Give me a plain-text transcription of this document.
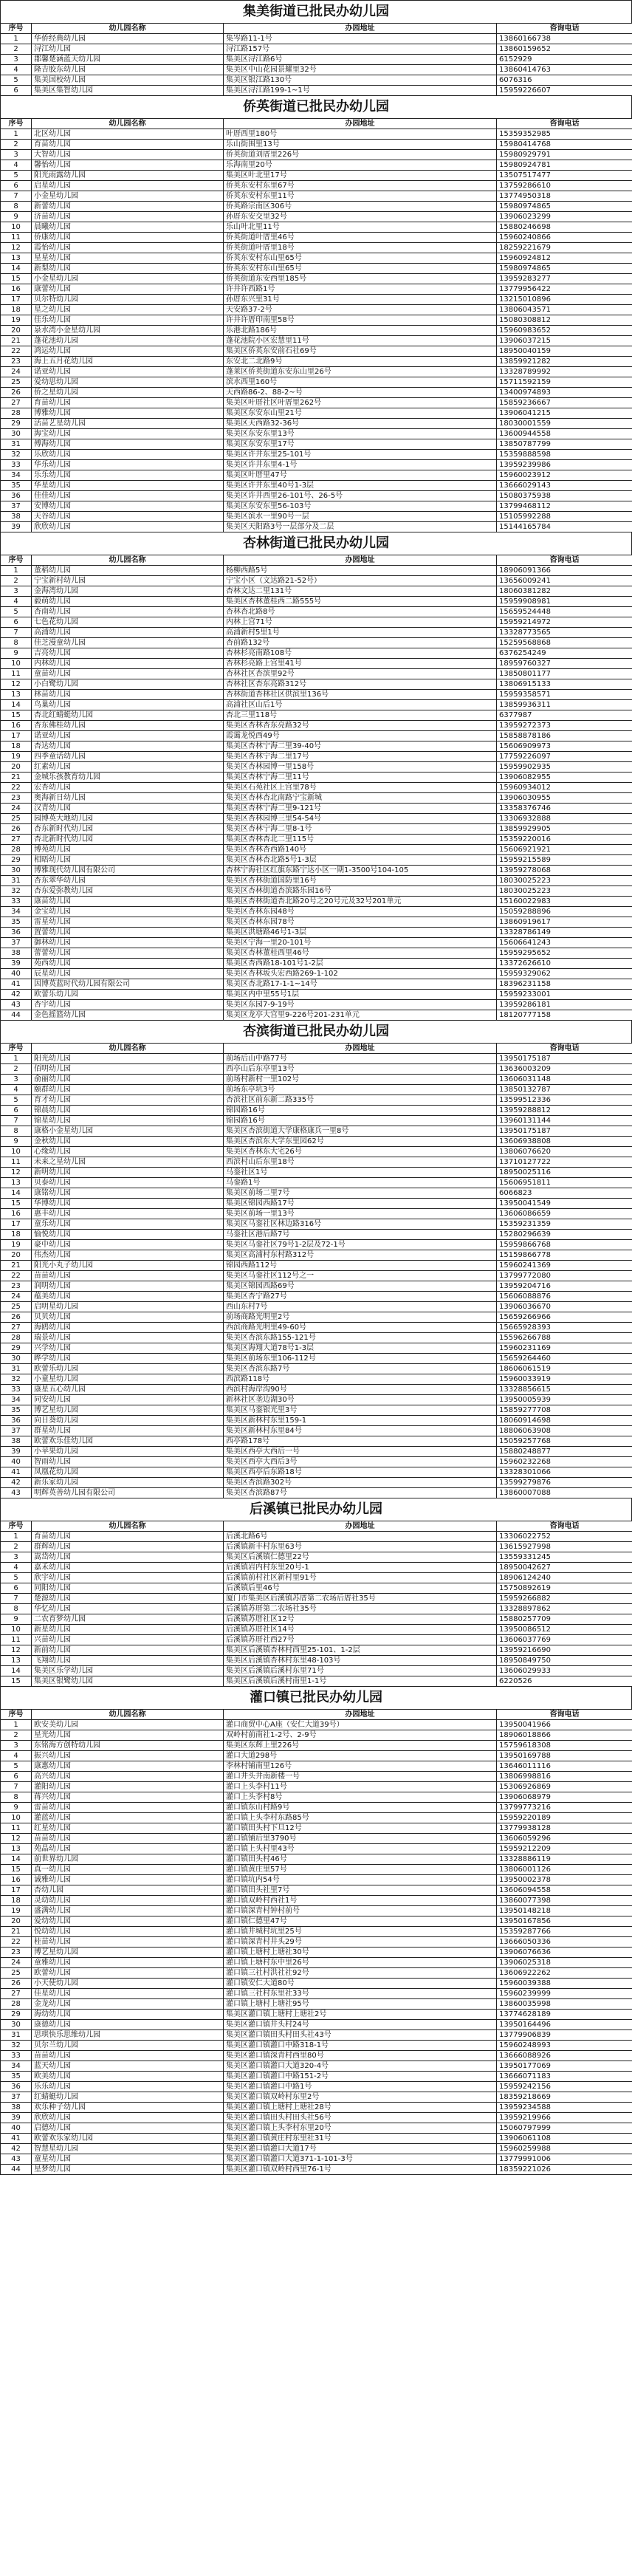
集美街道已批民办幼儿园
序号	幼儿园名称	办园地址	咨询电话
1	华侨经典幼儿园	集岑路11-1号	13860166738
2	浔江幼儿园	浔江路157号	13860159652
3	郡馨楚涵蓝天幼儿园	集美区浔江路6号	6152929
4	隆吉胶东幼儿园	集美区中山花园景耀里32号	13860414763
5	集美国校幼儿园	集美区银江路130号	6076316
6	集美区集智幼儿园	集美区浔江路199-1~1号	15959226607
侨英街道已批民办幼儿园
序号	幼儿园名称	办园地址	咨询电话
1	北区幼儿园	叶厝西里180号	15359352985
2	育苗幼儿园	乐山街围里13号	15980414768
3	大智幼儿园	侨英街道刘厝里226号	15980929791
4	馨怡幼儿园	乐海南里20号	15980924781
5	阳光雨露幼儿园	集美区叶北里17号	13507517477
6	启星幼儿园	侨英东安村东里67号	13759286610
7	小金星幼儿园	侨英东安村东里11号	13774950318
8	新蕾幼儿园	侨英路宗南区306号	15980974865
9	济苗幼儿园	孙厝东安交里32号	13906023299
10	晨曦幼儿园	乐山叶北里11号	15880246698
11	侨康幼儿园	侨英街道叶厝里46号	15960240866
12	霞怡幼儿园	侨英街道叶厝里18号	18259221679
13	星星幼儿园	侨英东安村东山里65号	15960924812
14	新梨幼儿园	侨英东安村东山里65号	15980974865
15	小金星幼儿园	侨英街道东安西里185号	13959283277
16	康蕾幼儿园	许井许西路1号	13779956422
17	贝尔特幼儿园	孙厝东兴里31号	13215010896
18	星之幼儿园	天安路37-2号	13806043571
19	佳乐幼儿园	许井许厝印南里58号	15080308812
20	泉水湾小金星幼儿园	乐港北路186号	15960983652
21	蓬花池幼儿园	蓬花池院小区宏慧里11号	13906037215
22	鸿运幼儿园	集美区侨英东安前石社69号	18950040159
23	海上五月花幼儿园	东安北二北路9号	13859921282
24	诺亚幼儿园	蓬莱区侨英街道东安东山里26号	13328789992
25	爱幼思幼儿园	滨水西里160号	15711592159
26	侨之星幼儿园	天西路86-2、88-2~号	13400974893
27	育苗幼儿园	集美区叶厝社区叶厝里262号	15859236667
28	博雅幼儿园	集美区东安东山里21号	13906041215
29	活苗艺星幼儿园	集美区天西路32-36号	18030001559
30	海宝幼儿园	集美区东安东里13号	13600944558
31	傅海幼儿园	集美区东安东里17号	13850787799
32	乐欣幼儿园	集美区许井东里25-101号	15359888598
33	华乐幼儿园	集美区许井东里4-1号	13959239986
34	乐乐幼儿园	集美区叶厝里47号	15960023912
35	华星幼儿园	集美区许井东里40号1-3层	13666029143
36	佳佳幼儿园	集美区许井西里26-101号、26-5号	15080375938
37	安博幼儿园	集美区东安东里56-103号	13799468112
38	天谷幼儿园	集美区滨水一里90号一层	15105992288
39	欣欣幼儿园	集美区天阳路3号一层部分及二层	15144165784
杏林街道已批民办幼儿园
序号	幼儿园名称	办园地址	咨询电话
1	董稻幼儿园	杨柳西路5号	18906091366
2	宁宝新村幼儿园	宁宝小区（文达路21-52号）	13656009241
3	金海湾幼儿园	杏林文达二里131号	18060381282
4	毅萌幼儿园	集美区杏林董桂西二路555号	15959908981
5	杏南幼儿园	杏林杏北路8号	15659524448
6	七色花幼儿园	内林上宫71号	15959214972
7	高浦幼儿园	高浦新村5里1号	13328773565
8	佳芝漫童幼儿园	杏前路132号	15259568868
9	吉亮幼儿园	杏林杉亮南路108号	6376254249
10	内林幼儿园	杏林杉亮路上宫里41号	18959760327
11	童苗幼儿园	杏林社区杏滨里92号	13850801177
12	小白鹭幼儿园	杏林社区杏东亮路312号	13806915133
13	林苗幼儿园	杏林街道杏林社区供滨里136号	15959358571
14	鸟巢幼儿园	高浦社区山后1号	13859936311
15	杏北红蜻蜓幼儿园	杏北三里118号	6377987
16	杏东佛桂幼儿园	集美区杏林杏东亮路32号	13959272373
17	诺亚幼儿园	霞霭龙悦西49号	15858878186
18	杏达幼儿园	集美区杏林宁海二里39-40号	15606909973
19	四季童话幼儿园	集美区杏林宁海二里17号	17759226097
20	红素幼儿园	集美区杏林园博一里158号	15959902935
21	金城乐孩教育幼儿园	集美区杏林宁海二里11号	13906082955
22	宏杏幼儿园	集美区石苑社区上宫里78号	15960934012
23	奥海新日幼儿园	集美区杏林杏北南路宁宝新城	13906030955
24	汉青幼儿园	集美区杏林宁海二里9-121号	13358376746
25	园博英大地幼儿园	集美区杏林园博三里54-54号	13306932888
26	杏东新时代幼儿园	集美区杏林宁海二里8-1号	13859929905
27	杏北新时代幼儿园	集美区杏林杏北二里115号	15359220016
28	博苑幼儿园	集美区杏林杏西路140号	15606921921
29	相晤幼儿园	集美区杏林杏北路5号1-3层	15959215589
30	博雅现代幼儿园有限公司	杏林宁海社区红旗东路宁达小区一期1-3500号104-105	13959278068
31	杏东翠华幼儿园	集美区杏林街道国防里16号	18030025223
32	杏东爱弥教幼儿园	集美区杏林街道杏滨路乐园16号	18030025223
33	康苗幼儿园	集美区杏林街道杏北路20号之20号元及32号201单元	15160022983
34	金宝幼儿园	集美区杏林东园48号	15059288896
35	雷星幼儿园	集美区杏林东园78号	13860919617
36	置蕾幼儿园	集美区洪塘路46号1-3层	13328786149
37	御林幼儿园	集美区宁海一里20-101号	15606641243
38	蕾蕾幼儿园	集美区杏林董桂西里46号	15959295652
39	苑西幼儿园	集美区杏西路18-101号1-2层	13372626610
40	辰星幼儿园	集美区杏林坂头宏西路269-1-102	15959329062
41	因博英蓝时代幼儿园有限公司	集美区杏北路17-1-1~14号	18396231158
42	欧蕾乐幼儿园	集美区内中里55号1层	15959233001
43	杏宇幼儿园	集美区东园7-9-19号	13959286181
44	金色摇篮幼儿园	集美区龙亭大宫里9-226号201-231单元	18120777158
杏滨街道已批民办幼儿园
序号	幼儿园名称	办园地址	咨询电话
1	阳光幼儿园	前场后山中路77号	13950175187
2	佰明幼儿园	西亭山后东亭里13号	13636003209
3	俞丽幼儿园	前场村新村一里102号	13606031148
4	颐群幼儿园	前场东亭坑3号	13850132787
5	育才幼儿园	杏滨社区前东新二路335号	13599512336
6	锦晨幼儿园	锦园路16号	13959288812
7	锦星幼儿园	锦园路16号	13960131144
8	康格小金星幼儿园	集美区杏滨街道大学康格康兵一里8号	13950175187
9	金秋幼儿园	集美区杏滨东大学东里园62号	13606938808
10	心缘幼儿园	集美区杏林东大宅26号	13806076620
11	未来之星幼儿园	西滨村山后东里18号	13710127722
12	新明幼儿园	马銮社区1号	18950025116
13	贝泰幼儿园	马銮路1号	15606951811
14	康铭幼儿园	集美区前场二里7号	6066823
15	华博幼儿园	集美区锦园西路17号	13950041549
16	惠丰幼儿园	集美区前场一里13号	13606086659
17	童乐幼儿园	集美区马銮社区林边路316号	15359231359
18	愉悦幼儿园	马銮社区港后路7号	15280296639
19	豪中幼儿园	集美区马銮社区79号1-2层及72-1号	15959866768
20	伟杰幼儿园	集美区高浦村东村路312号	15159866778
21	阳光小丸子幼儿园	锦园西路112号	15960241369
22	苗苗幼儿园	集美区马銮社区112号之一	13799772080
23	润明幼儿园	集美区锦园西路69号	13959204716
24	蕴美幼儿园	集美区杏宁路27号	15606088876
25	启明星幼儿园	西山东村7号	13906036670
26	贝贝幼儿园	前场商路光明里2号	15659266966
27	海鸥幼儿园	西滨商路光明里49-60号	15665928393
28	瑞景幼儿园	集美区杏滨东路155-121号	15596266788
29	兴学幼儿园	集美区海翔大道78号1-3层	15960231169
30	晔学幼儿园	集美区前场东里106-112号	15659264460
31	欧蕾乐幼儿园	集美区杏滨东路7号	18606061519
32	小童星幼儿园	西滨路118号	15960033919
33	康星五心幼儿园	西滨村海岸沟90号	13328856615
34	同安幼儿园	新林社区垄边湖30号	13950005939
35	博艺星幼儿园	集美区马銮银光里3号	15859277708
36	向日葵幼儿园	集美区新林村东里159-1	18060914698
37	群星幼儿园	集美区新林村东里84号	18806063908
38	欧蕾欢乐佳幼儿园	西亭路178号	15059257768
39	小苹果幼儿园	集美区西亭大西后一号	15880248877
40	智雨幼儿园	集美区西亭大西后3号	15960232268
41	凤凰花幼儿园	集美区西亭后东路18号	13328301066
42	新乐家幼儿园	集美区杏滨路302号	13599279876
43	明辉英善幼儿园有限公司	集美区杏滨路87号	13860007088
后溪镇已批民办幼儿园
序号	幼儿园名称	办园地址	咨询电话
1	育苗幼儿园	后溪北路6号	13306022752
2	群辉幼儿园	后溪镇新丰村东里63号	13615927998
3	嵩岱幼儿园	集美区后溪镇仁德里22号	13559331245
4	嘉禾幼儿园	后溪镇岩内村东里20号-1	18950042627
5	欣宇幼儿园	后溪镇前村社区新村里91号	18906124240
6	同阳幼儿园	后溪镇后里46号	15750892619
7	楚源幼儿园	厦门市集美区后溪镇苏厝第二农场后厝社35号	15959266882
8	华忆幼儿园	后溪镇苏厝第二农场社35号	13328897862
9	二农育梦幼儿园	后溪镇苏厝社区12号	15880257709
10	新星幼儿园	后溪镇苏厝社区14号	13950086512
11	兴苗幼儿园	后溪镇苏厝社西27号	13606037769
12	新前幼儿园	集美区后溪镇杏林村西里25-101、1-2层	13959216690
13	飞翔幼儿园	集美区后溪镇杏林村东里48-103号	18950849750
14	集美区乐学幼儿园	集美区后溪镇后溪村东里71号	13606029933
15	集美区银鹭幼儿园	集美区后溪镇后溪村南里1-1号	6220526
灌口镇已批民办幼儿园
序号	幼儿园名称	办园地址	咨询电话
1	欧安美幼儿园	灌口商贸中心A座（安仁大道39号）	13950041966
2	星光幼儿园	双岭村前南社1-2号、2-9号	18906018866
3	东铭海方创特幼儿园	集美区东辉上里226号	15759618308
4	振兴幼儿园	灌口大道298号	13950169788
5	康惠幼儿园	李林村铺南里126号	13646011116
6	高兴幼儿园	灌口井头井南新楼一号	13806998816
7	灌阳幼儿园	灌口上头李村11号	15306926869
8	蒋兴幼儿园	灌口上头李村8号	13906068979
9	雷苗幼儿园	灌口镇东山村路9号	13799773216
10	灌蓝幼儿园	灌口镇上头李村东路85号	15959220189
11	红星幼儿园	灌口镇田头村下旦12号	13779938128
12	苗苗幼儿园	灌口镇铺后里3790号	13606059296
13	苑晶幼儿园	灌口镇上头村里43号	15959212209
14	前世界幼儿园	灌口镇田头村46号	13328886119
15	真一幼儿园	灌口镇黄庄里57号	13806001126
16	诚雅幼儿园	灌口镇坑内54号	13950002378
17	杏幼儿园	灌口镇田头社里7号	13606094558
18	灵幼幼儿园	灌口镇双岭村西社1号	13860077398
19	盛满幼儿园	灌口镇深青村钟村前号	13950148218
20	爱幼幼儿园	灌口镇仁德里47号	13950167856
21	悦幼幼儿园	灌口镇井城村坑里25号	15359287766
22	桂苗幼儿园	灌口镇深青村井头29号	13666050336
23	博艺星幼儿园	灌口镇上塘村上塘社30号	13906076636
24	童雅幼儿园	灌口镇上塘村东中里26号	13906025318
25	欧蕾幼儿园	灌口镇三社村洪社社92号	13606922262
26	小天使幼儿园	灌口镇安仁大道80号	15960039388
27	佳星幼儿园	灌口镇三社村东里社33号	15960239999
28	金龙幼儿园	灌口镇上塘村上塘社95号	13860035998
29	海幼幼儿园	集美区灌口镇上塘村上塘社2号	13774628189
30	康德幼儿园	集美区灌口镇井头村24号	13950164496
31	思琪快乐思维幼儿园	集美区灌口镇田头村田头社43号	13779906839
32	贝尔兰幼儿园	集美区灌口镇灌口中路318-1号	15960248993
33	苗苗幼儿园	集美区灌口镇深青村西里80号	13666088926
34	蓝天幼儿园	集美区灌口镇灌口大道320-4号	13950177069
35	欧美幼儿园	集美区灌口镇灌口中路151-2号	13666071183
36	乐乐幼儿园	集美区灌口镇灌口中路1号	15959242156
37	红蜻蜓幼儿园	集美区灌口镇双岭村东里2号	18359218669
38	欢乐种子幼儿园	集美区灌口镇上塘村上塘社28号	13959234588
39	欣欣幼儿园	集美区灌口镇田头村田头社56号	13959219966
40	启德幼儿园	集美区灌口镇上头李村东里20号	15060797999
41	欧蕾欢乐家幼儿园	集美区灌口镇黄庄村东里社31号	13906061108
42	智慧星幼儿园	集美区灌口镇灌口大道17号	15960259988
43	童星幼儿园	集美区灌口镇灌口大道371-1-101-3号	13779991006
44	星梦幼儿园	集美区灌口镇双岭村西里76-1号	18359221026
